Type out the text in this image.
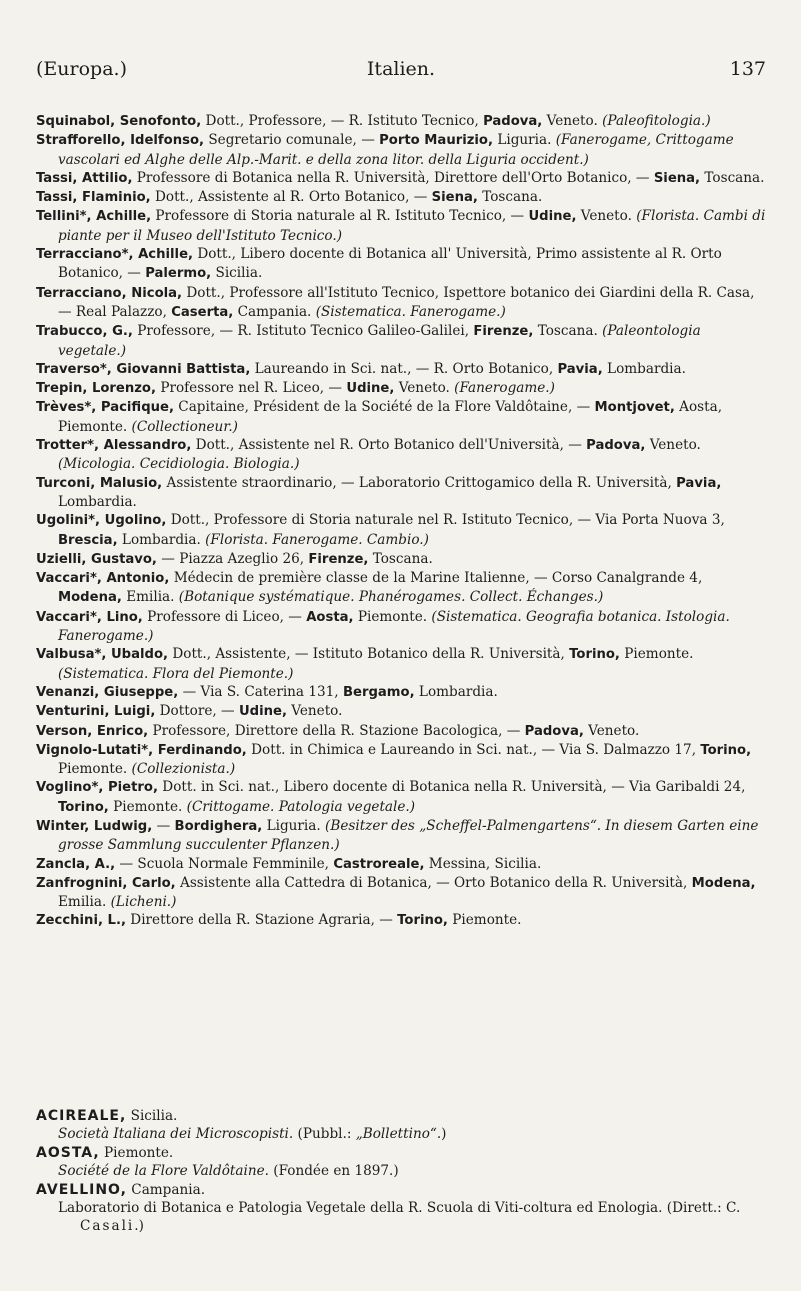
Italien.
(Europa.)	137

Squinabol, Senofonto, Dott., Professore, — R. Istituto Tecnico, Padova, Veneto. (Paleofitologia.)

Straﬀorello, Idelfonso, Segretario comunale, — Porto Maurizio, Liguria. (Fanerogame, Crittogame vascolari ed Alghe delle Alp.-Marit. e della zona litor. della Liguria occident.)

Tassi, Attilio, Professore di Botanica nella R. Università, Direttore dell'Orto Botanico, — Siena, Toscana.

Tassi, Flaminio, Dott., Assistente al R. Orto Botanico, — Siena, Toscana.

Tellini*, Achille, Professore di Storia naturale al R. Istituto Tecnico, — Udine, Veneto. (Florista. Cambi di piante per il Museo dell'Istituto Tecnico.)

Terracciano*, Achille, Dott., Libero docente di Botanica all' Università, Primo assistente al R. Orto Botanico, — Palermo, Sicilia.

Terracciano, Nicola, Dott., Professore all'Istituto Tecnico, Ispettore botanico dei Giardini della R. Casa, — Real Palazzo, Caserta, Campania. (Sistematica. Fanerogame.)

Trabucco, G., Professore, — R. Istituto Tecnico Galileo-Galilei, Firenze, Toscana. (Paleontologia vegetale.)

Traverso*, Giovanni Battista, Laureando in Sci. nat., — R. Orto Botanico, Pavia, Lombardia.

Trepin, Lorenzo, Professore nel R. Liceo, — Udine, Veneto. (Fanerogame.)

Trèves*, Pacifique, Capitaine, Président de la Société de la Flore Valdôtaine, — Montjovet, Aosta, Piemonte. (Collectioneur.)

Trotter*, Alessandro, Dott., Assistente nel R. Orto Botanico dell'Università, — Padova, Veneto. (Micologia. Cecidiologia. Biologia.)

Turconi, Malusio, Assistente straordinario, — Laboratorio Crittogamico della R. Università, Pavia, Lombardia.

Ugolini*, Ugolino, Dott., Professore di Storia naturale nel R. Istituto Tecnico, — Via Porta Nuova 3, Brescia, Lombardia. (Florista. Fanerogame. Cambio.)

Uzielli, Gustavo, — Piazza Azeglio 26, Firenze, Toscana.

Vaccari*, Antonio, Médecin de première classe de la Marine Italienne, — Corso Canalgrande 4, Modena, Emilia. (Botanique systématique. Phanérogames. Collect. Échanges.)

Vaccari*, Lino, Professore di Liceo, — Aosta, Piemonte. (Sistematica. Geografia botanica. Istologia. Fanerogame.)

Valbusa*, Ubaldo, Dott., Assistente, — Istituto Botanico della R. Università, Torino, Piemonte. (Sistematica. Flora del Piemonte.)

Venanzi, Giuseppe, — Via S. Caterina 131, Bergamo, Lombardia.

Venturini, Luigi, Dottore, — Udine, Veneto.

Verson, Enrico, Professore, Direttore della R. Stazione Bacologica, — Padova, Veneto.

Vignolo-Lutati*, Ferdinando, Dott. in Chimica e Laureando in Sci. nat., — Via S. Dalmazzo 17, Torino, Piemonte. (Collezionista.)

Voglino*, Pietro, Dott. in Sci. nat., Libero docente di Botanica nella R. Università, — Via Garibaldi 24, Torino, Piemonte. (Crittogame. Patologia vegetale.)

Winter, Ludwig, — Bordighera, Liguria. (Besitzer des „Scheffel-Palmengartens“. In diesem Garten eine grosse Sammlung succulenter Pflanzen.)

Zancla, A., — Scuola Normale Femminile, Castroreale, Messina, Sicilia.

Zanfrognini, Carlo, Assistente alla Cattedra di Botanica, — Orto Botanico della R. Università, Modena, Emilia. (Licheni.)

Zecchini, L., Direttore della R. Stazione Agraria, — Torino, Piemonte.

ACIREALE, Sicilia.

Società Italiana dei Microscopisti. (Pubbl.: „Bollettino“.)

AOSTA, Piemonte.

Société de la Flore Valdôtaine. (Fondée en 1897.)

AVELLINO, Campania.

Laboratorio di Botanica e Patologia Vegetale della R. Scuola di Viti-coltura ed Enologia. (Dirett.: C. Casali.)
